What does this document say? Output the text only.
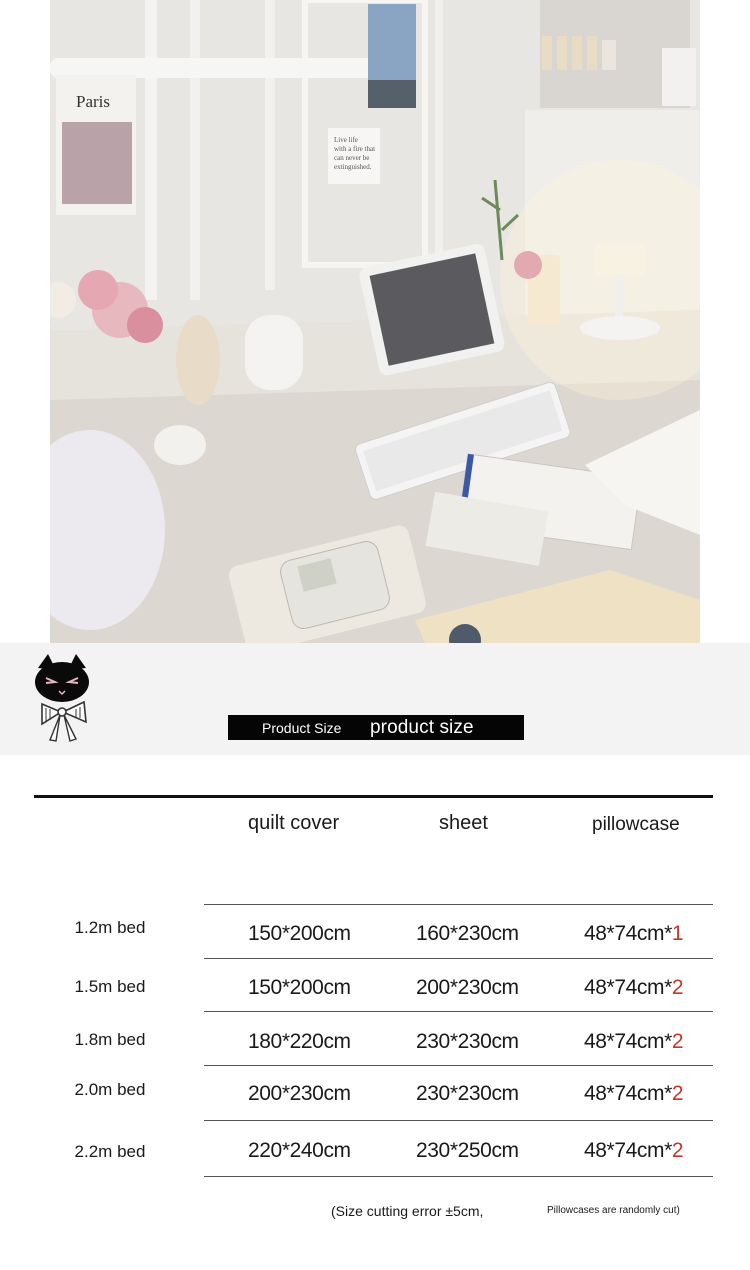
Paris
Live life
with a fire that
can never be
extinguished.
Product Size	product size
quilt cover	sheet	pillowcase
1.2m bed	150*200cm	160*230cm	48*74cm*1
1.5m bed	150*200cm	200*230cm	48*74cm*2
1.8m bed	180*220cm	230*230cm	48*74cm*2
2.0m bed	200*230cm	230*230cm	48*74cm*2
2.2m bed	220*240cm	230*250cm	48*74cm*2
(Size cutting error ±5cm,	Pillowcases are randomly cut)
